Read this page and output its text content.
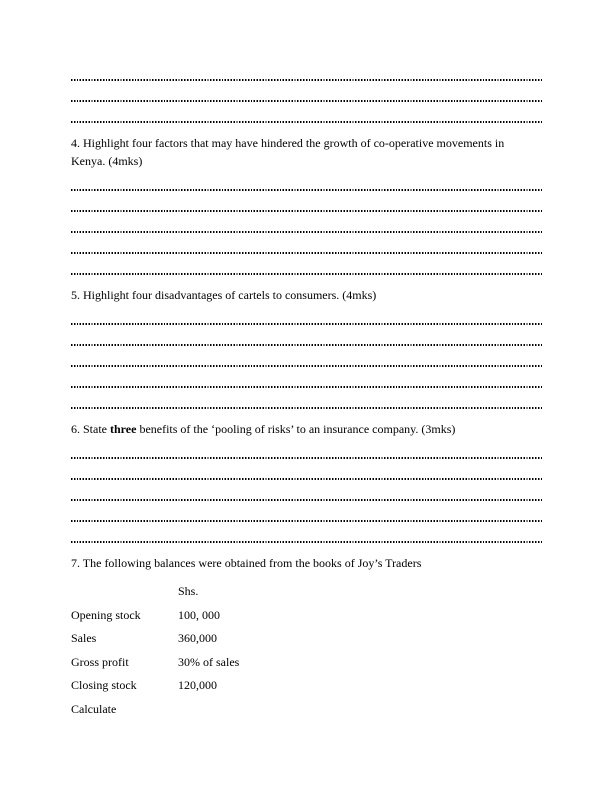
4. Highlight four factors that may have hindered the growth of co-operative movements in
Kenya. (4mks)

5. Highlight four disadvantages of cartels to consumers. (4mks)

6. State three benefits of the ‘pooling of risks’ to an insurance company. (3mks)

7. The following balances were obtained from the books of Joy’s Traders

Shs.
Opening stock	100, 000
Sales	360,000
Gross profit	30% of sales
Closing stock	120,000
Calculate
